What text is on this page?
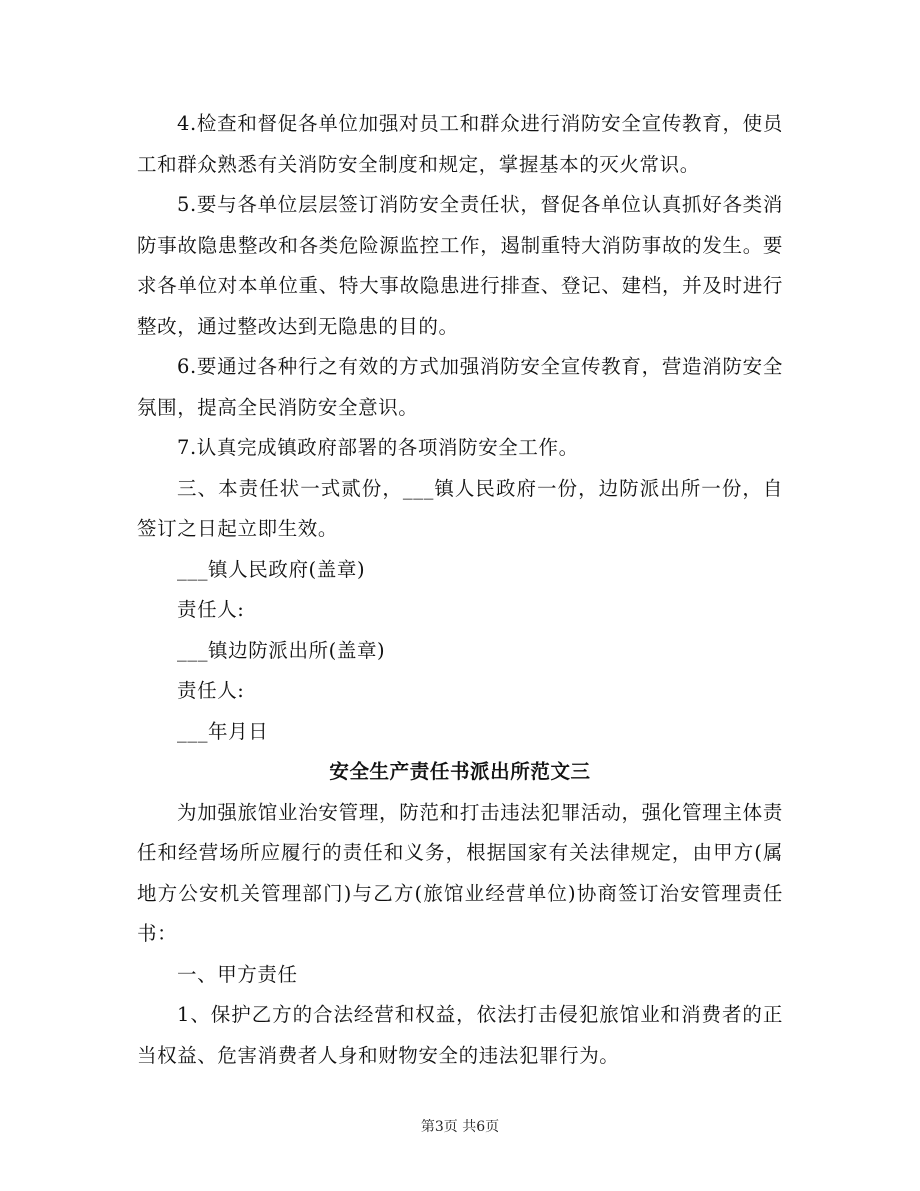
4.检查和督促各单位加强对员工和群众进行消防安全宣传教育，使员工和群众熟悉有关消防安全制度和规定，掌握基本的灭火常识。

5.要与各单位层层签订消防安全责任状，督促各单位认真抓好各类消防事故隐患整改和各类危险源监控工作，遏制重特大消防事故的发生。要求各单位对本单位重、特大事故隐患进行排查、登记、建档，并及时进行整改，通过整改达到无隐患的目的。

6.要通过各种行之有效的方式加强消防安全宣传教育，营造消防安全氛围，提高全民消防安全意识。

7.认真完成镇政府部署的各项消防安全工作。

三、本责任状一式贰份，___镇人民政府一份，边防派出所一份，自签订之日起立即生效。

___镇人民政府(盖章)

责任人:

___镇边防派出所(盖章)

责任人:

___年月日

安全生产责任书派出所范文三

为加强旅馆业治安管理，防范和打击违法犯罪活动，强化管理主体责任和经营场所应履行的责任和义务，根据国家有关法律规定，由甲方(属地方公安机关管理部门)与乙方(旅馆业经营单位)协商签订治安管理责任书：

一、甲方责任

1、保护乙方的合法经营和权益，依法打击侵犯旅馆业和消费者的正当权益、危害消费者人身和财物安全的违法犯罪行为。

第3页 共6页
